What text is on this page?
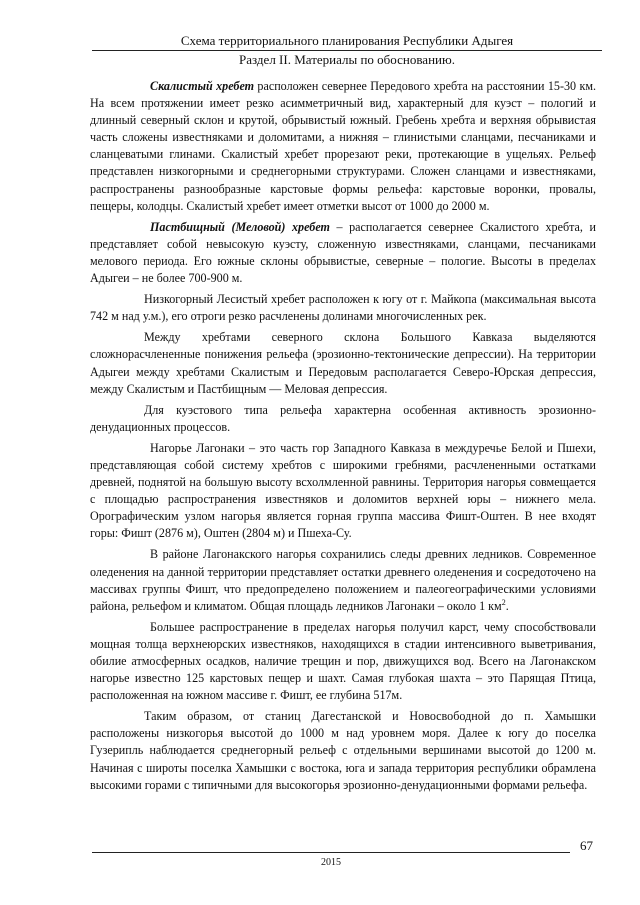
Схема территориального планирования Республики Адыгея
Раздел II. Материалы по обоснованию.

Скалистый хребет расположен севернее Передового хребта на расстоянии 15-30 км. На всем протяжении имеет резко асимметричный вид, характерный для куэст – пологий и длинный северный склон и крутой, обрывистый южный. Гребень хребта и верхняя обрывистая часть сложены известняками и доломитами, а нижняя – глинистыми сланцами, песчаниками и сланцеватыми глинами. Скалистый хребет прорезают реки, протекающие в ущельях. Рельеф представлен низкогорными и среднегорными структурами. Сложен сланцами и известняками, распространены разнообразные карстовые формы рельефа: карстовые воронки, провалы, пещеры, колодцы. Скалистый хребет имеет отметки высот от 1000 до 2000 м.

Пастбищный (Меловой) хребет – располагается севернее Скалистого хребта, и представляет собой невысокую куэсту, сложенную известняками, сланцами, песчаниками мелового периода. Его южные склоны обрывистые, северные – пологие. Высоты в пределах Адыгеи – не более 700-900 м.

Низкогорный Лесистый хребет расположен к югу от г. Майкопа (максимальная высота 742 м над у.м.), его отроги резко расчленены долинами многочисленных рек.

Между хребтами северного склона Большого Кавказа выделяются сложнорасчлененные понижения рельефа (эрозионно-тектонические депрессии). На территории Адыгеи между хребтами Скалистым и Передовым располагается Северо-Юрская депрессия, между Скалистым и Пастбищным — Меловая депрессия.

Для куэстового типа рельефа характерна особенная активность эрозионно-денудационных процессов.

Нагорье Лагонаки – это часть гор Западного Кавказа в междуречье Белой и Пшехи, представляющая собой систему хребтов с широкими гребнями, расчлененными остатками древней, поднятой на большую высоту всхолмленной равнины. Территория нагорья совмещается с площадью распространения известняков и доломитов верхней юры – нижнего мела. Орографическим узлом нагорья является горная группа массива Фишт-Оштен. В нее входят горы: Фишт (2876 м), Оштен (2804 м) и Пшеха-Су.

В районе Лагонакского нагорья сохранились следы древних ледников. Современное оледенения на данной территории представляет остатки древнего оледенения и сосредоточено на массивах группы Фишт, что предопределено положением и палеогеографическими условиями района, рельефом и климатом. Общая площадь ледников Лагонаки – около 1 $км^2$.

Большее распространение в пределах нагорья получил карст, чему способствовали мощная толща верхнеюрских известняков, находящихся в стадии интенсивного выветривания, обилие атмосферных осадков, наличие трещин и пор, движущихся вод. Всего на Лагонакском нагорье известно 125 карстовых пещер и шахт. Самая глубокая шахта – это Парящая Птица, расположенная на южном массиве г. Фишт, ее глубина 517м.

Таким образом, от станиц Дагестанской и Новосвободной до п. Хамышки расположены низкогорья высотой до 1000 м над уровнем моря. Далее к югу до поселка Гузерипль наблюдается среднегорный рельеф с отдельными вершинами высотой до 1200 м. Начиная с широты поселка Хамышки с востока, юга и запада территория республики обрамлена высокими горами с типичными для высокогорья эрозионно-денудационными формами рельефа.

67
2015
